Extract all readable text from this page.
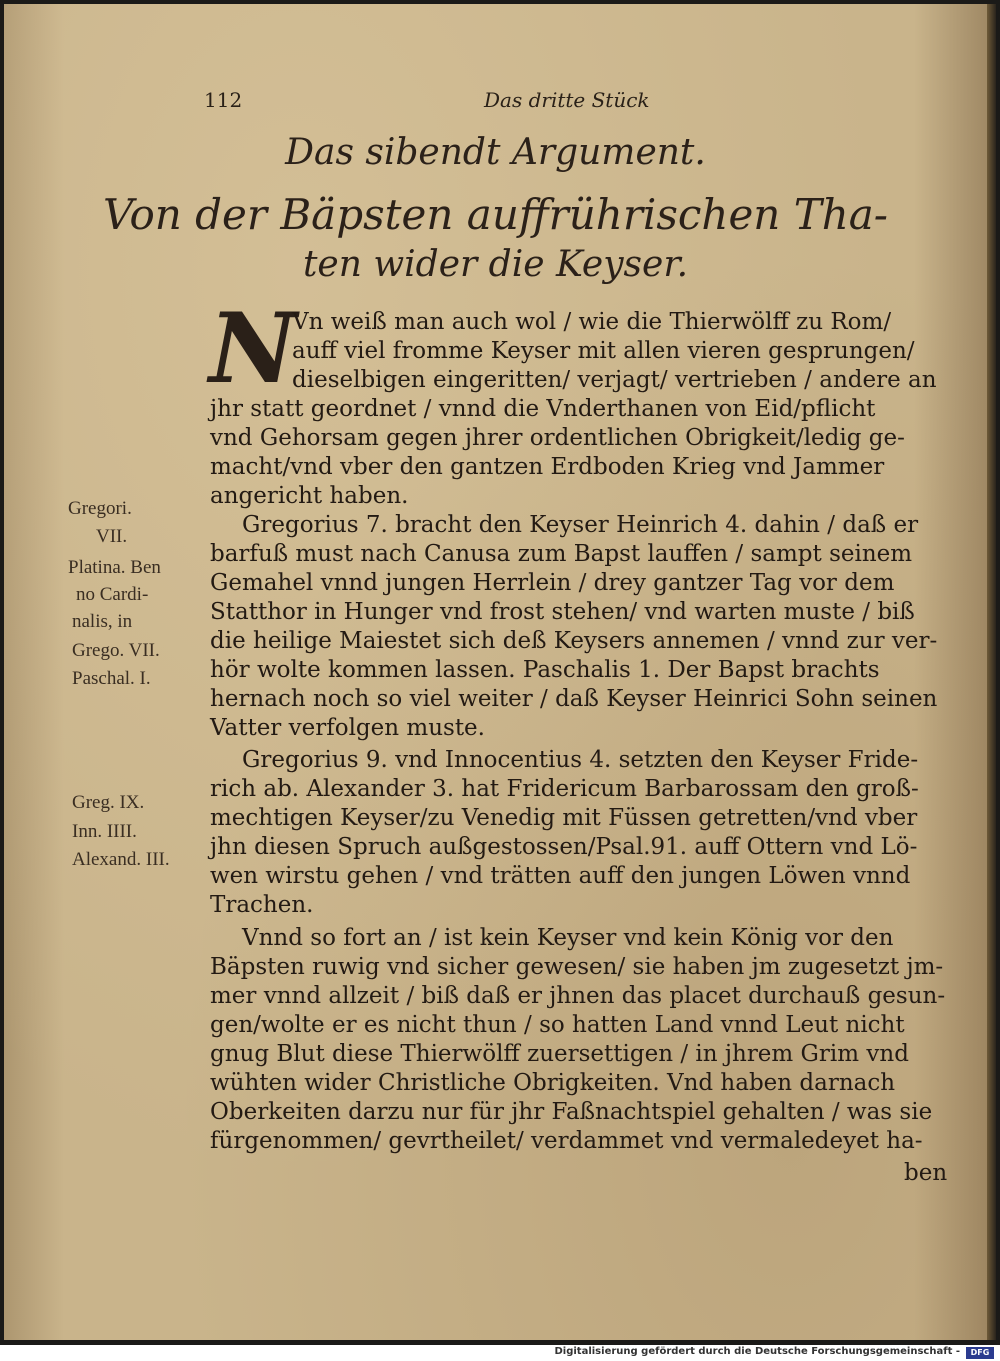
112	Das dritte Stück
Das sibendt Argument.
Von der Bäpsten auffrührischen Tha-
ten wider die Keyser.
N
Vn weiß man auch wol / wie die Thierwölff zu Rom/
auff viel fromme Keyser mit allen vieren gesprungen/
dieselbigen eingeritten/ verjagt/ vertrieben / andere an
jhr statt geordnet / vnnd die Vnderthanen von Eid/pflicht
vnd Gehorsam gegen jhrer ordentlichen Obrigkeit/ledig ge-
macht/vnd vber den gantzen Erdboden Krieg vnd Jammer
angericht haben.
Gregorius 7. bracht den Keyser Heinrich 4. dahin / daß er
barfuß must nach Canusa zum Bapst lauffen / sampt seinem
Gemahel vnnd jungen Herrlein / drey gantzer Tag vor dem
Statthor in Hunger vnd frost stehen/ vnd warten muste / biß
die heilige Maiestet sich deß Keysers annemen / vnnd zur ver-
hör wolte kommen lassen. Paschalis 1. Der Bapst brachts
hernach noch so viel weiter / daß Keyser Heinrici Sohn seinen
Vatter verfolgen muste.
Gregorius 9. vnd Innocentius 4. setzten den Keyser Fride-
rich ab. Alexander 3. hat Fridericum Barbarossam den groß-
mechtigen Keyser/zu Venedig mit Füssen getretten/vnd vber
jhn diesen Spruch außgestossen/Psal.91. auff Ottern vnd Lö-
wen wirstu gehen / vnd trätten auff den jungen Löwen vnnd
Trachen.
Vnnd so fort an / ist kein Keyser vnd kein König vor den
Bäpsten ruwig vnd sicher gewesen/ sie haben jm zugesetzt jm-
mer vnnd allzeit / biß daß er jhnen das placet durchauß gesun-
gen/wolte er es nicht thun / so hatten Land vnnd Leut nicht
gnug Blut diese Thierwölff zuersettigen / in jhrem Grim vnd
wühten wider Christliche Obrigkeiten. Vnd haben darnach
Oberkeiten darzu nur für jhr Faßnachtspiel gehalten / was sie
fürgenommen/ gevrtheilet/ verdammet vnd vermaledeyet ha-
ben
Gregori.
VII.
Platina. Ben
no Cardi-
nalis, in
Grego. VII.
Paschal. I.
Greg. IX.
Inn. IIII.
Alexand. III.
Digitalisierung gefördert durch die Deutsche Forschungsgemeinschaft -	DFG
